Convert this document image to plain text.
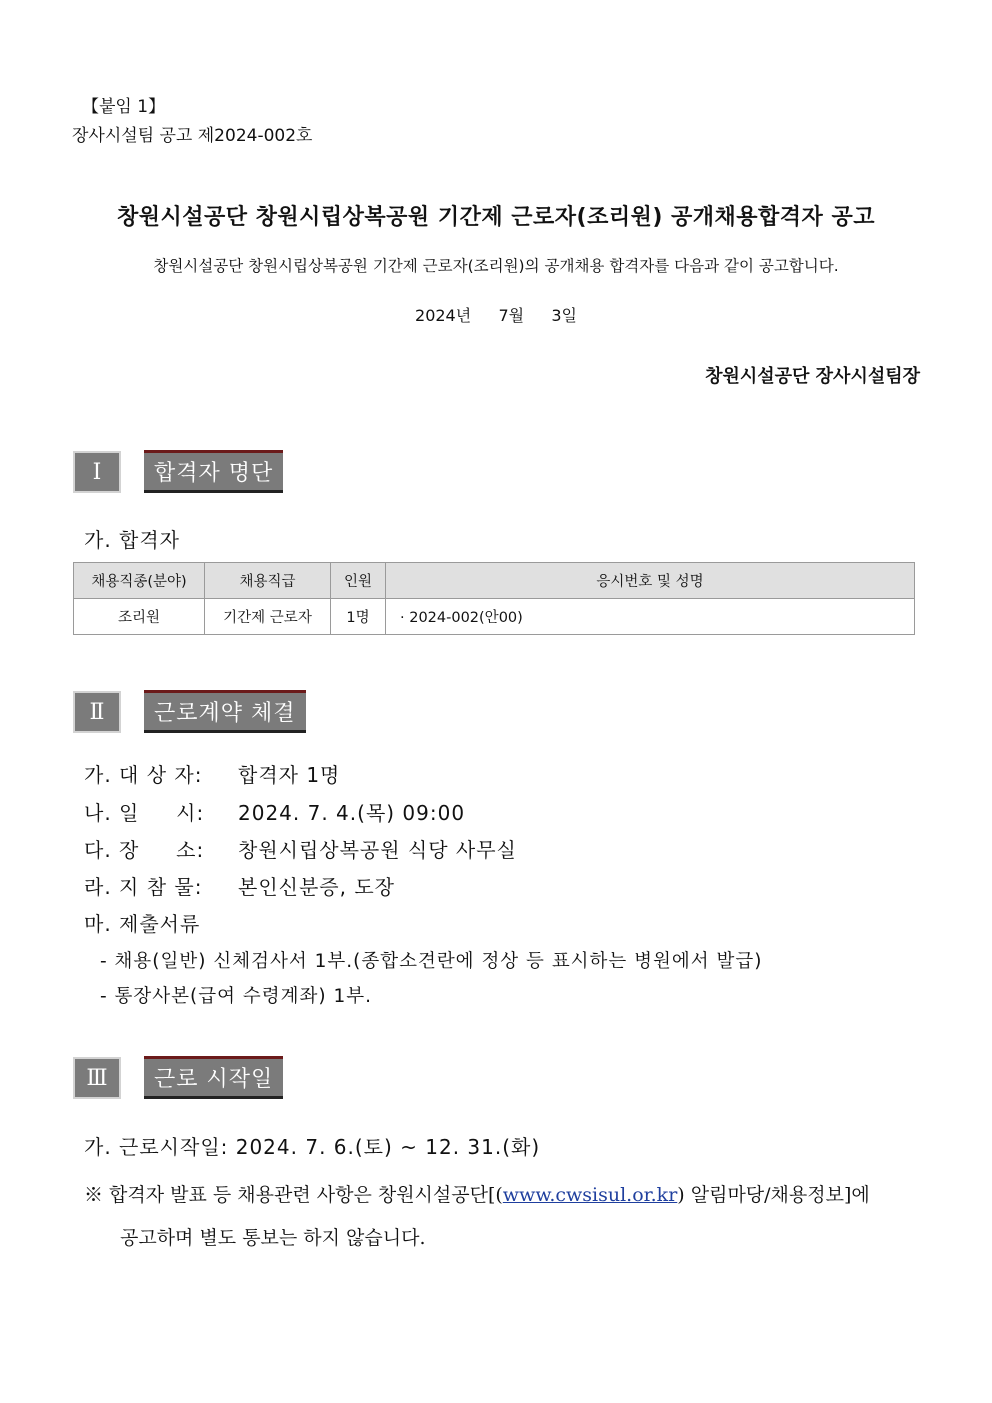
【붙임 1】
장사시설팀 공고 제2024-002호
창원시설공단 창원시립상복공원 기간제 근로자(조리원) 공개채용합격자 공고
창원시설공단 창원시립상복공원 기간제 근로자(조리원)의 공개채용 합격자를 다음과 같이 공고합니다.
2024년   7월   3일
창원시설공단 장사시설팀장
Ⅰ	합격자 명단
가. 합격자
채용직종(분야)	채용직급	인원	응시번호 및 성명
조리원	기간제 근로자	1명	· 2024-002(안00)
Ⅱ	근로계약 체결
가. 대 상 자: 합격자 1명
나. 일     시: 2024. 7. 4.(목) 09:00
다. 장     소: 창원시립상복공원 식당 사무실
라. 지 참 물: 본인신분증, 도장
마. 제출서류
- 채용(일반) 신체검사서 1부.(종합소견란에 정상 등 표시하는 병원에서 발급)
- 통장사본(급여 수령계좌) 1부.
Ⅲ	근로 시작일
가. 근로시작일: 2024. 7. 6.(토) ~ 12. 31.(화)
※ 합격자 발표 등 채용관련 사항은 창원시설공단[(www.cwsisul.or.kr) 알림마당/채용정보]에
공고하며 별도 통보는 하지 않습니다.
